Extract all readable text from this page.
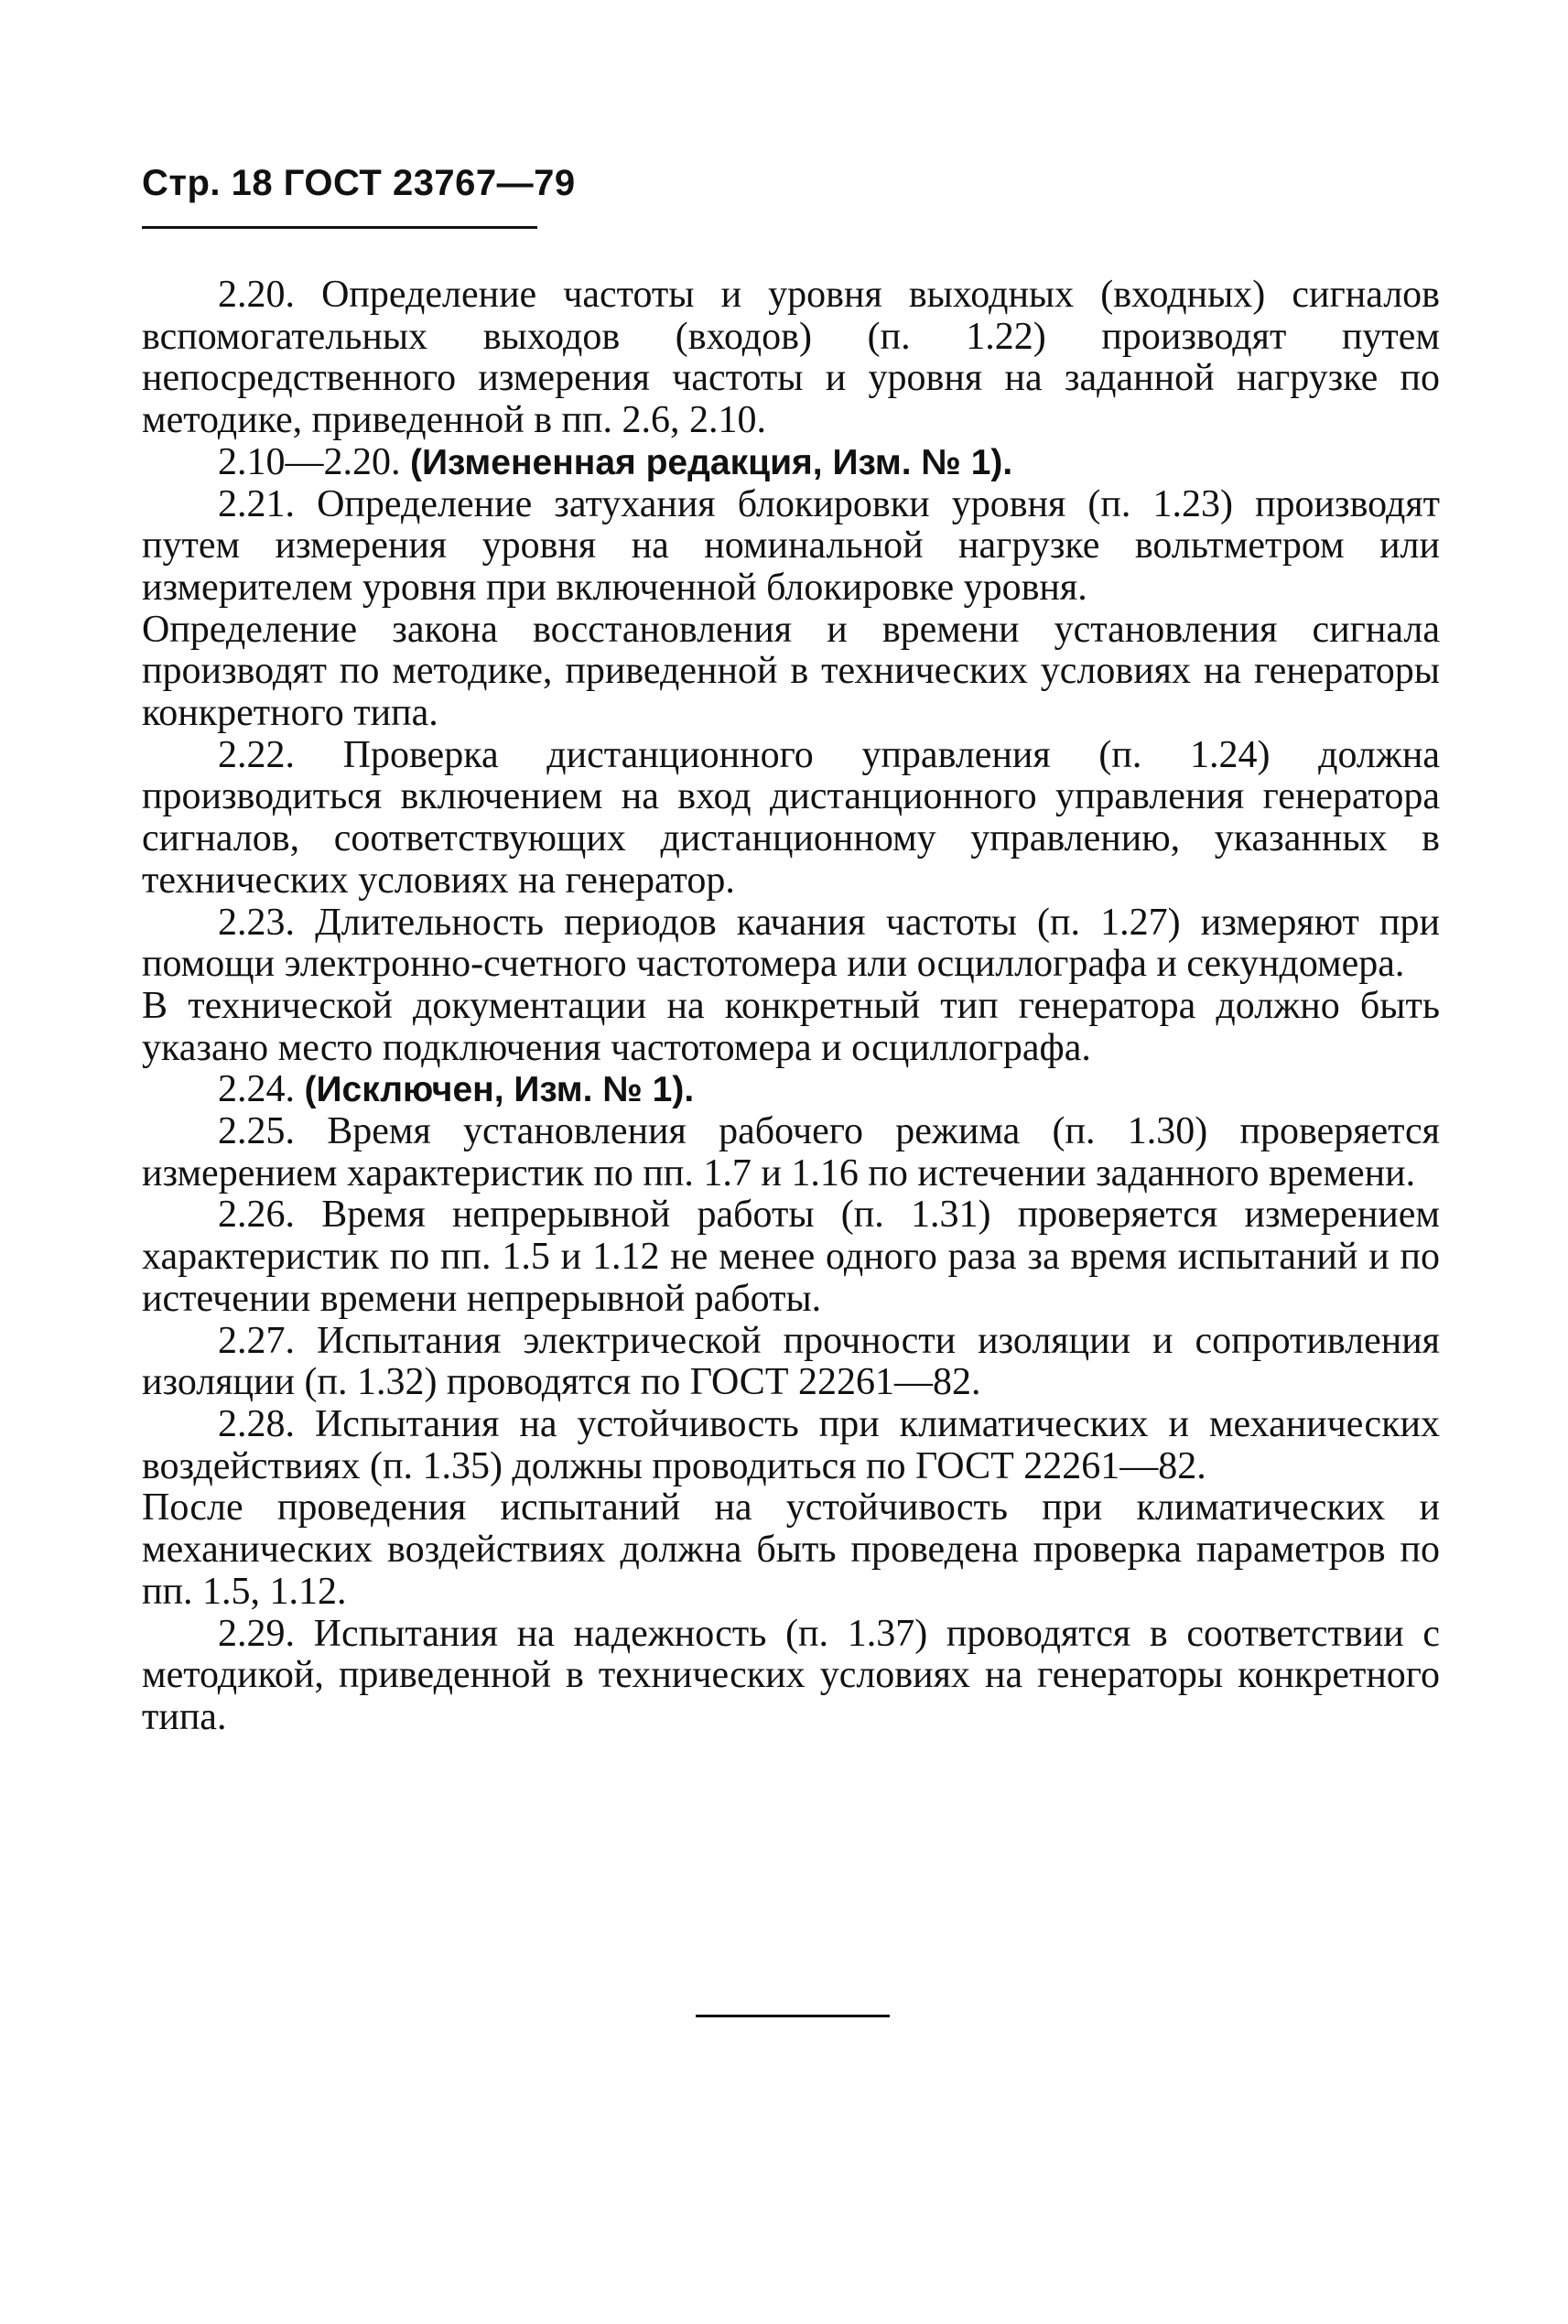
Стр. 18 ГОСТ 23767—79

2.20. Определение частоты и уровня выходных (входных) сигналов вспомогательных выходов (входов) (п. 1.22) производят путем непосредственного измерения частоты и уровня на заданной нагрузке по методике, приведенной в пп. 2.6, 2.10.

2.10—2.20. (Измененная редакция, Изм. № 1).

2.21. Определение затухания блокировки уровня (п. 1.23) производят путем измерения уровня на номинальной нагрузке вольтметром или измерителем уровня при включенной блокировке уровня.

Определение закона восстановления и времени установления сигнала производят по методике, приведенной в технических условиях на генераторы конкретного типа.

2.22. Проверка дистанционного управления (п. 1.24) должна производиться включением на вход дистанционного управления генератора сигналов, соответствующих дистанционному управлению, указанных в технических условиях на генератор.

2.23. Длительность периодов качания частоты (п. 1.27) измеряют при помощи электронно-счетного частотомера или осциллографа и секундомера.

В технической документации на конкретный тип генератора должно быть указано место подключения частотомера и осциллографа.

2.24. (Исключен, Изм. № 1).

2.25. Время установления рабочего режима (п. 1.30) проверяется измерением характеристик по пп. 1.7 и 1.16 по истечении заданного времени.

2.26. Время непрерывной работы (п. 1.31) проверяется измерением характеристик по пп. 1.5 и 1.12 не менее одного раза за время испытаний и по истечении времени непрерывной работы.

2.27. Испытания электрической прочности изоляции и сопротивления изоляции (п. 1.32) проводятся по ГОСТ 22261—82.

2.28. Испытания на устойчивость при климатических и механических воздействиях (п. 1.35) должны проводиться по ГОСТ 22261—82.

После проведения испытаний на устойчивость при климатических и механических воздействиях должна быть проведена проверка параметров по пп. 1.5, 1.12.

2.29. Испытания на надежность (п. 1.37) проводятся в соответствии с методикой, приведенной в технических условиях на генераторы конкретного типа.
